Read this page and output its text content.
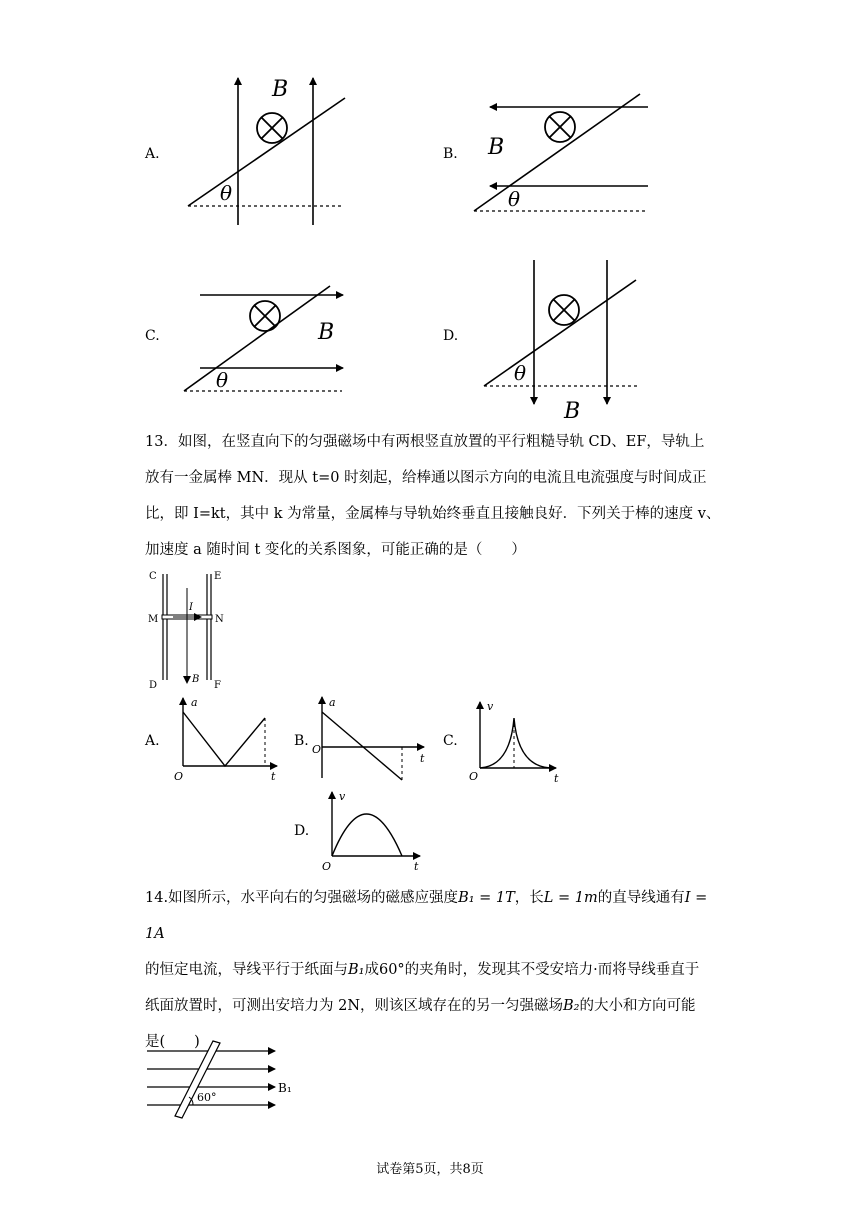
A.
B
θ
B. B
θ
C.	B
θ
D.
B
θ

13．如图，在竖直向下的匀强磁场中有两根竖直放置的平行粗糙导轨 CD、EF，导轨上

放有一金属棒 MN．现从 t=0 时刻起，给棒通以图示方向的电流且电流强度与时间成正

比，即 I=kt，其中 k 为常量，金属棒与导轨始终垂直且接触良好．下列关于棒的速度 v、

加速度 a 随时间 t 变化的关系图象，可能正确的是（　　）

C	E
M	N
D	F
I
B
A.
a
t
O
B.
a
t
O
C.
v
t
O
D.
v
t
O

14.如图所示，水平向右的匀强磁场的磁感应强度B₁ = 1T，长L = 1m的直导线通有I = 1A

的恒定电流，导线平行于纸面与B₁成60°的夹角时，发现其不受安培力·而将导线垂直于

纸面放置时，可测出安培力为 2N，则该区域存在的另一匀强磁场B₂的大小和方向可能

是(　　)

60°
B₁
试卷第5页，共8页
